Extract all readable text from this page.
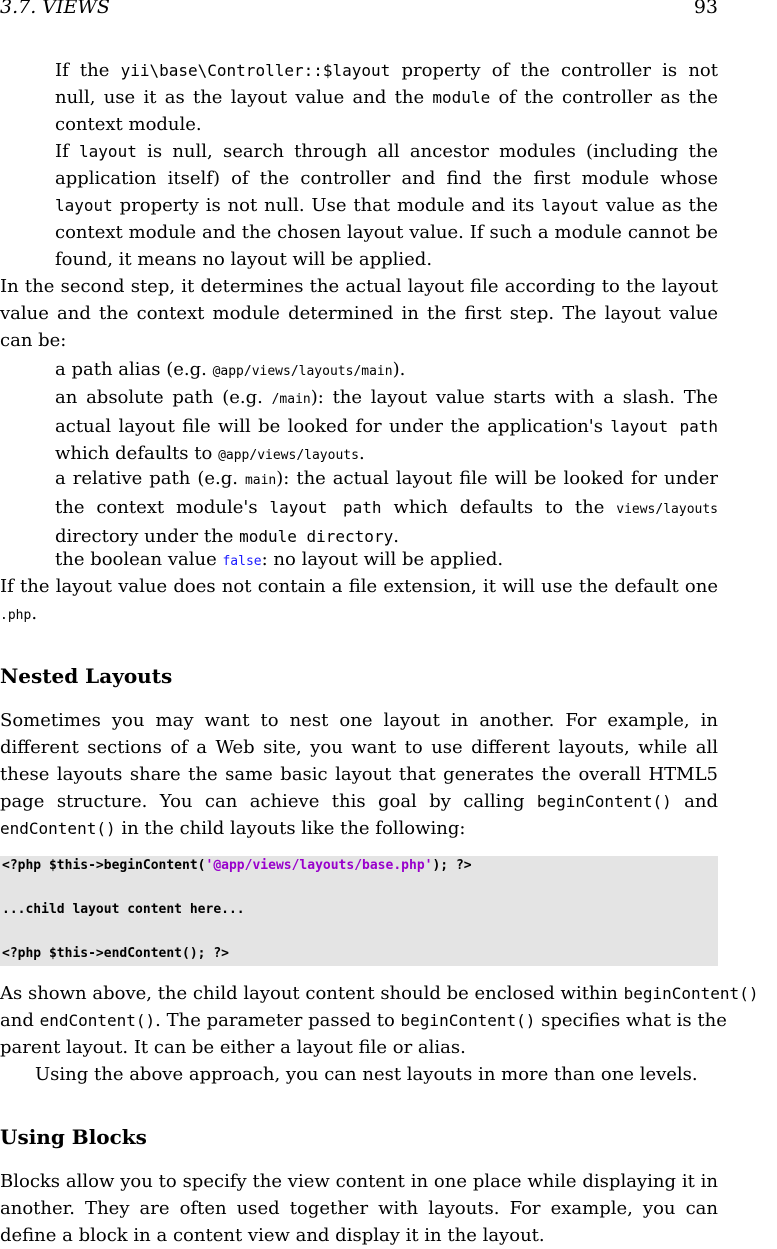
3.7. VIEWS	93
If the yii\base\Controller::$layout property of the controller is not null, use it as the layout value and the module of the controller as the context module.
If layout is null, search through all ancestor modules (including the application itself) of the controller and find the first module whose layout property is not null. Use that module and its layout value as the context module and the chosen layout value. If such a module cannot be found, it means no layout will be applied.
In the second step, it determines the actual layout file according to the layout value and the context module determined in the first step. The layout value can be:
a path alias (e.g. @app/views/layouts/main).
an absolute path (e.g. /main): the layout value starts with a slash. The actual layout file will be looked for under the application's layout path which defaults to @app/views/layouts.
a relative path (e.g. main): the actual layout file will be looked for under the context module's layout path which defaults to the views/layouts directory under the module directory.
the boolean value false: no layout will be applied.
If the layout value does not contain a file extension, it will use the default one .php.
Nested Layouts
Sometimes you may want to nest one layout in another. For example, in different sections of a Web site, you want to use different layouts, while all these layouts share the same basic layout that generates the overall HTML5 page structure. You can achieve this goal by calling beginContent() and endContent() in the child layouts like the following:
<?php $this->beginContent('@app/views/layouts/base.php'); ?>
...child layout content here...
<?php $this->endContent(); ?>
As shown above, the child layout content should be enclosed within beginContent()
and endContent(). The parameter passed to beginContent() specifies what is the parent layout. It can be either a layout file or alias.
Using the above approach, you can nest layouts in more than one levels.
Using Blocks
Blocks allow you to specify the view content in one place while displaying it in another. They are often used together with layouts. For example, you can define a block in a content view and display it in the layout.
